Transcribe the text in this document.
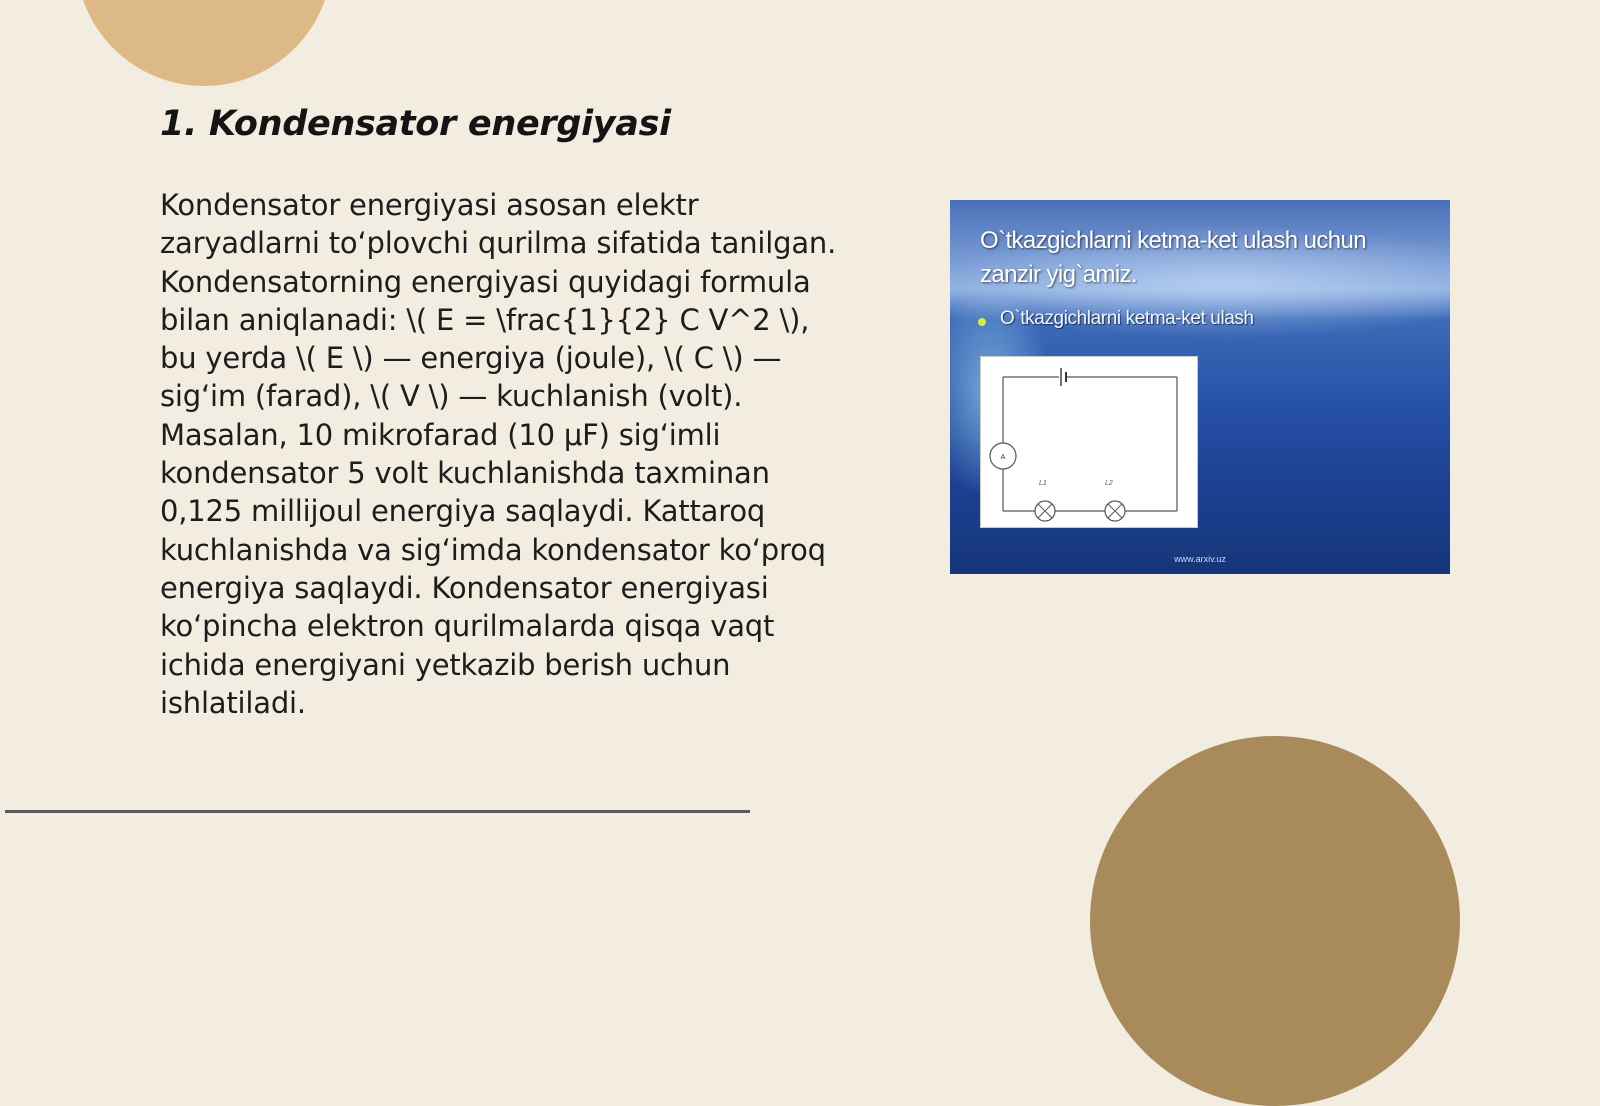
1. Kondensator energiyasi

Kondensator energiyasi asosan elektr zaryadlarni to‘plovchi qurilma sifatida tanilgan. Kondensatorning energiyasi quyidagi formula bilan aniqlanadi: \( E = \frac{1}{2} C V^2 \), bu yerda \( E \) — energiya (joule), \( C \) — sig‘im (farad), \( V \) — kuchlanish (volt). Masalan, 10 mikrofarad (10 μF) sig‘imli kondensator 5 volt kuchlanishda taxminan 0,125 millijoul energiya saqlaydi. Kattaroq kuchlanishda va sig‘imda kondensator ko‘proq energiya saqlaydi. Kondensator energiyasi ko‘pincha elektron qurilmalarda qisqa vaqt ichida energiyani yetkazib berish uchun ishlatiladi.

O`tkazgichlarni ketma-ket ulash uchun zanzir yig`amiz.
O`tkazgichlarni ketma-ket ulash
A
L1	L2
www.arxiv.uz
